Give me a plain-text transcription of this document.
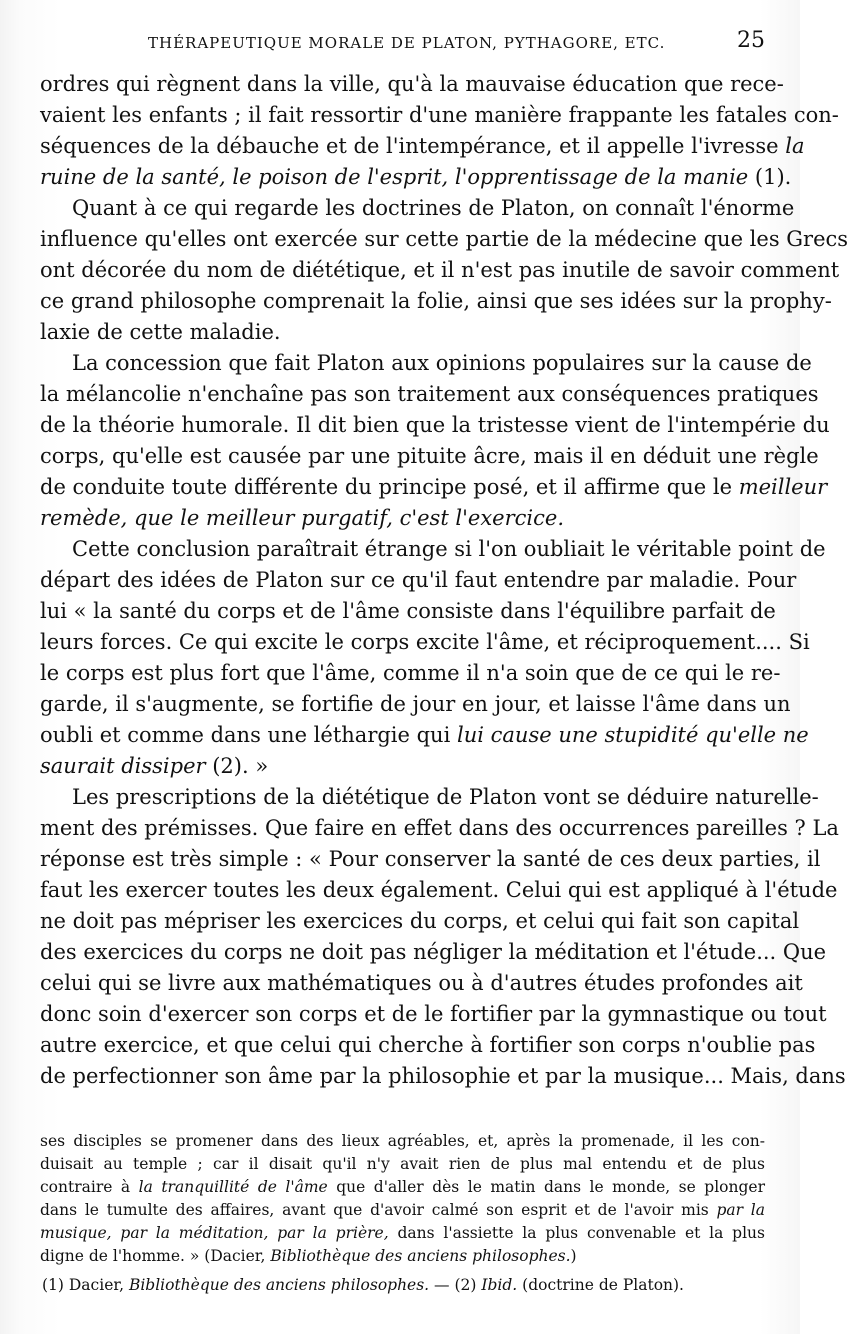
THÉRAPEUTIQUE MORALE DE PLATON, PYTHAGORE, ETC.	25
ordres qui règnent dans la ville, qu'à la mauvaise éducation que rece-
vaient les enfants ; il fait ressortir d'une manière frappante les fatales con-
séquences de la débauche et de l'intempérance, et il appelle l'ivresse la
ruine de la santé, le poison de l'esprit, l'opprentissage de la manie (1).
Quant à ce qui regarde les doctrines de Platon, on connaît l'énorme
influence qu'elles ont exercée sur cette partie de la médecine que les Grecs
ont décorée du nom de diététique, et il n'est pas inutile de savoir comment
ce grand philosophe comprenait la folie, ainsi que ses idées sur la prophy-
laxie de cette maladie.
La concession que fait Platon aux opinions populaires sur la cause de
la mélancolie n'enchaîne pas son traitement aux conséquences pratiques
de la théorie humorale. Il dit bien que la tristesse vient de l'intempérie du
corps, qu'elle est causée par une pituite âcre, mais il en déduit une règle
de conduite toute différente du principe posé, et il affirme que le meilleur
remède, que le meilleur purgatif, c'est l'exercice.
Cette conclusion paraîtrait étrange si l'on oubliait le véritable point de
départ des idées de Platon sur ce qu'il faut entendre par maladie. Pour
lui « la santé du corps et de l'âme consiste dans l'équilibre parfait de
leurs forces. Ce qui excite le corps excite l'âme, et réciproquement.... Si
le corps est plus fort que l'âme, comme il n'a soin que de ce qui le re-
garde, il s'augmente, se fortifie de jour en jour, et laisse l'âme dans un
oubli et comme dans une léthargie qui lui cause une stupidité qu'elle ne
saurait dissiper (2). »
Les prescriptions de la diététique de Platon vont se déduire naturelle-
ment des prémisses. Que faire en effet dans des occurrences pareilles ? La
réponse est très simple : « Pour conserver la santé de ces deux parties, il
faut les exercer toutes les deux également. Celui qui est appliqué à l'étude
ne doit pas mépriser les exercices du corps, et celui qui fait son capital
des exercices du corps ne doit pas négliger la méditation et l'étude... Que
celui qui se livre aux mathématiques ou à d'autres études profondes ait
donc soin d'exercer son corps et de le fortifier par la gymnastique ou tout
autre exercice, et que celui qui cherche à fortifier son corps n'oublie pas
de perfectionner son âme par la philosophie et par la musique... Mais, dans
ses disciples se promener dans des lieux agréables, et, après la promenade, il les con-
duisait au temple ; car il disait qu'il n'y avait rien de plus mal entendu et de plus
contraire à la tranquillité de l'âme que d'aller dès le matin dans le monde, se plonger
dans le tumulte des affaires, avant que d'avoir calmé son esprit et de l'avoir mis par la
musique, par la méditation, par la prière, dans l'assiette la plus convenable et la plus
digne de l'homme. » (Dacier, Bibliothèque des anciens philosophes.)
(1) Dacier, Bibliothèque des anciens philosophes. — (2) Ibid. (doctrine de Platon).
